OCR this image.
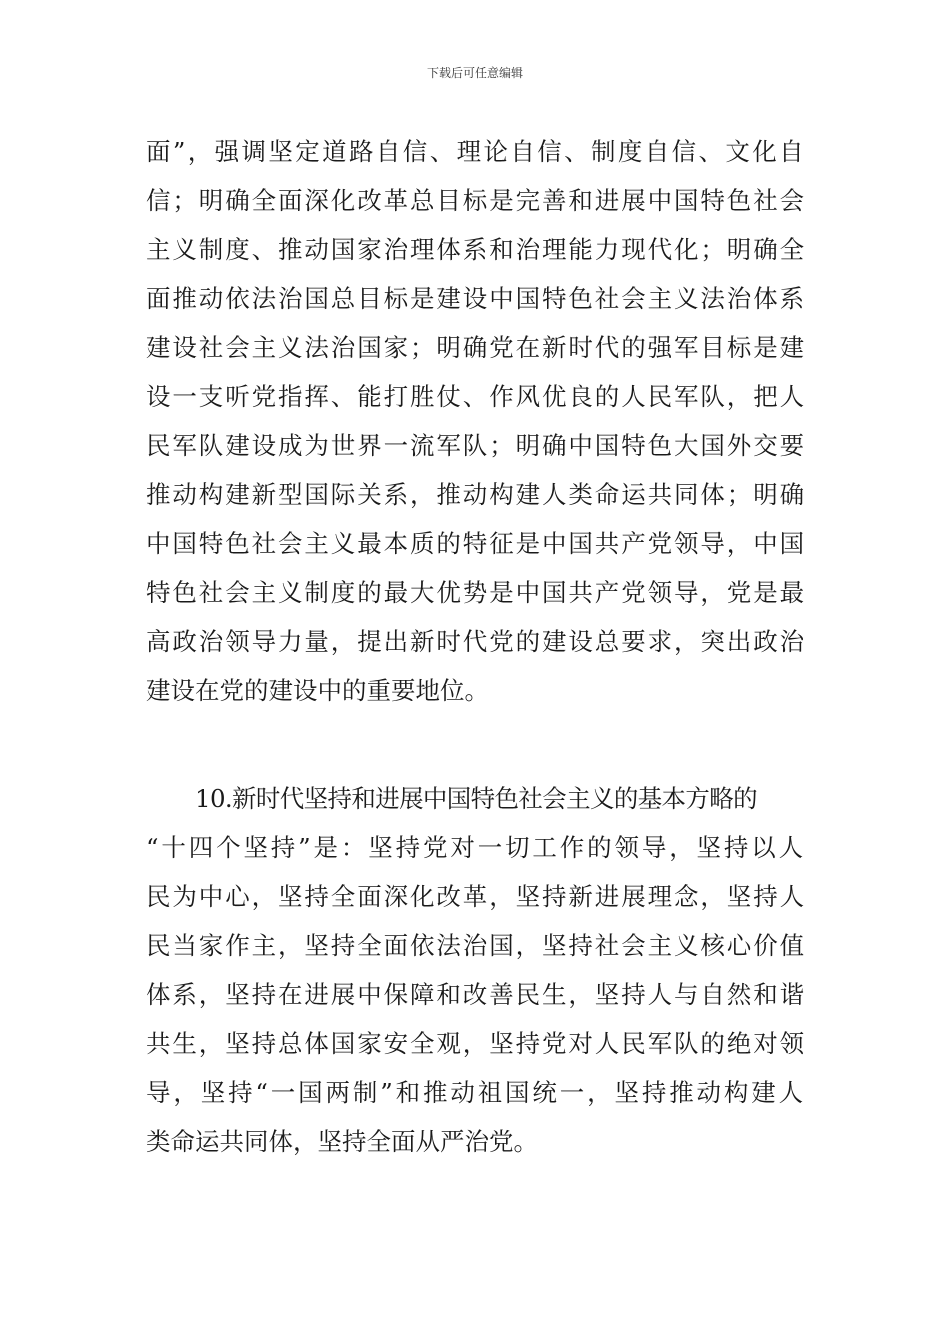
下载后可任意编辑
面”，强调坚定道路自信、理论自信、制度自信、文化自
信；明确全面深化改革总目标是完善和进展中国特色社会
主义制度、推动国家治理体系和治理能力现代化；明确全
面推动依法治国总目标是建设中国特色社会主义法治体系
建设社会主义法治国家；明确党在新时代的强军目标是建
设一支听党指挥、能打胜仗、作风优良的人民军队，把人
民军队建设成为世界一流军队；明确中国特色大国外交要
推动构建新型国际关系，推动构建人类命运共同体；明确
中国特色社会主义最本质的特征是中国共产党领导，中国
特色社会主义制度的最大优势是中国共产党领导，党是最
高政治领导力量，提出新时代党的建设总要求，突出政治
建设在党的建设中的重要地位。
10.新时代坚持和进展中国特色社会主义的基本方略的
“十四个坚持”是：坚持党对一切工作的领导，坚持以人
民为中心，坚持全面深化改革，坚持新进展理念，坚持人
民当家作主，坚持全面依法治国，坚持社会主义核心价值
体系，坚持在进展中保障和改善民生，坚持人与自然和谐
共生，坚持总体国家安全观，坚持党对人民军队的绝对领
导，坚持“一国两制”和推动祖国统一，坚持推动构建人
类命运共同体，坚持全面从严治党。
